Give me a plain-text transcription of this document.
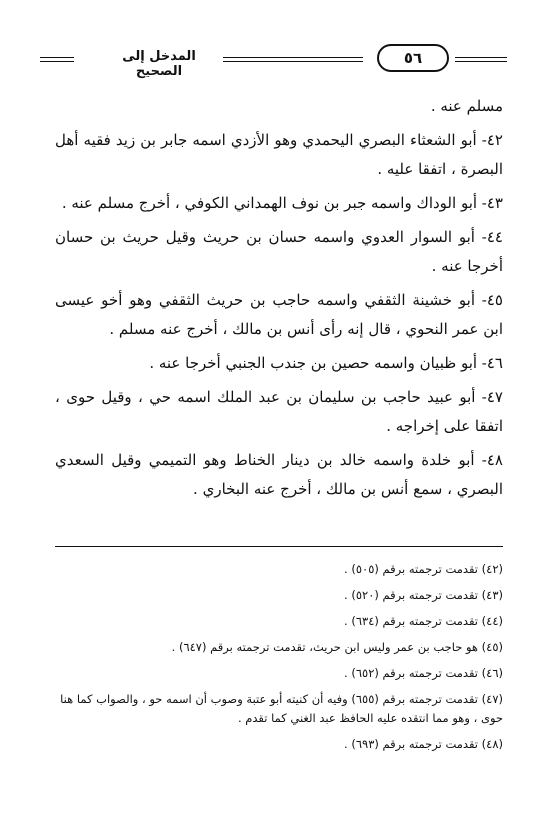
المدخل إلى الصحيح
٥٦

مسلم عنه .

٤٢- أبو الشعثاء البصري اليحمدي وهو الأزدي اسمه جابر بن زيد فقيه أهل البصرة ، اتفقا عليه .

٤٣- أبو الوداك واسمه جبر بن نوف الهمداني الكوفي ، أخرج مسلم عنه .

٤٤- أبو السوار العدوي واسمه حسان بن حريث وقيل حريث بن حسان أخرجا عنه .

٤٥- أبو خشينة الثقفي واسمه حاجب بن حريث الثقفي وهو أخو عيسى ابن عمر النحوي ، قال إنه رأى أنس بن مالك ، أخرج عنه مسلم .

٤٦- أبو ظبيان واسمه حصين بن جندب الجنبي أخرجا عنه .

٤٧- أبو عبيد حاجب بن سليمان بن عبد الملك اسمه حي ، وقيل حوى ، اتفقا على إخراجه .

٤٨- أبو خلدة واسمه خالد بن دينار الخناط وهو التميمي وقيل السعدي البصري ، سمع أنس بن مالك ، أخرج عنه البخاري .

(٤٢) تقدمت ترجمته برقم (٥٠٥) .

(٤٣) تقدمت ترجمته برقم (٥٢٠) .

(٤٤) تقدمت ترجمته برقم (٦٣٤) .

(٤٥) هو حاجب بن عمر وليس ابن حريث، تقدمت ترجمته برقم (٦٤٧) .

(٤٦) تقدمت ترجمته برقم (٦٥٢) .

(٤٧) تقدمت ترجمته برقم (٦٥٥) وفيه أن كنيته أبو عتبة وصوب أن اسمه حو ، والصواب كما هنا حوى ، وهو مما انتقده عليه الحافظ عبد الغني كما تقدم .

(٤٨) تقدمت ترجمته برقم (٦٩٣) .
